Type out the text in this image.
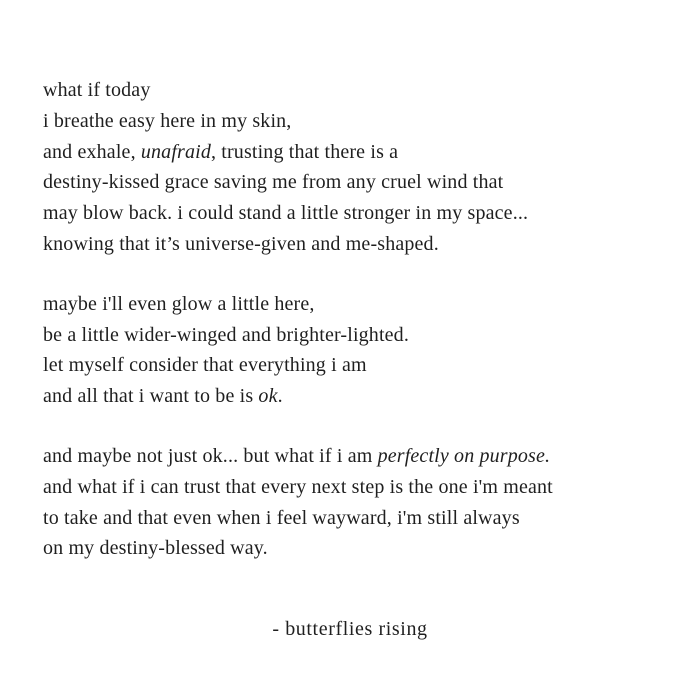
what if today
i breathe easy here in my skin,
and exhale, unafraid, trusting that there is a
destiny-kissed grace saving me from any cruel wind that
may blow back. i could stand a little stronger in my space...
knowing that it’s universe-given and me-shaped.
maybe i'll even glow a little here,
be a little wider-winged and brighter-lighted.
let myself consider that everything i am
and all that i want to be is ok.
and maybe not just ok... but what if i am perfectly on purpose.
and what if i can trust that every next step is the one i'm meant
to take and that even when i feel wayward, i'm still always
on my destiny-blessed way.
- butterflies rising
